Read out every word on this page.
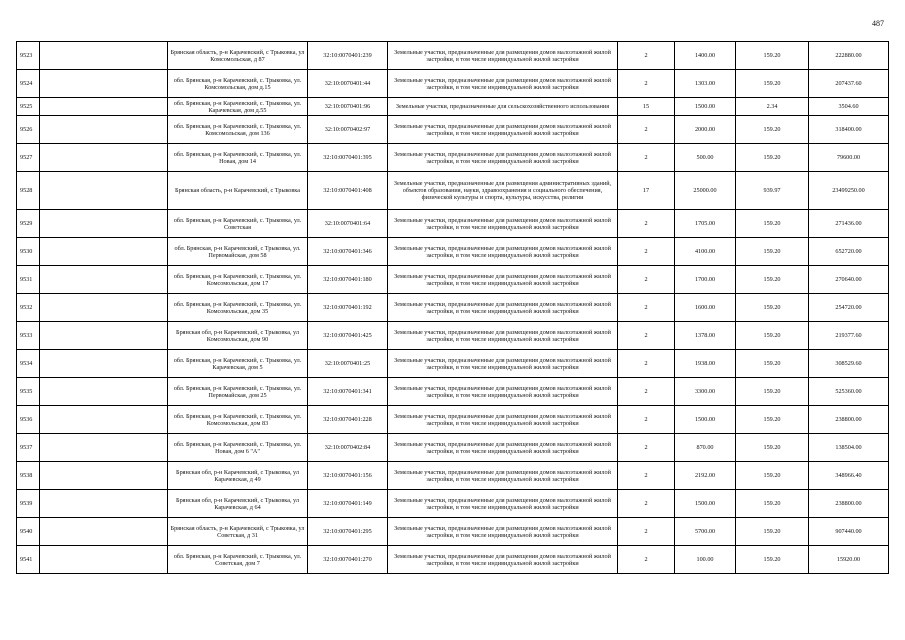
487
9523		Брянская область, р-н Карачевский, с Трыковка, ул Комсомольская, д 87	32:10:0070401:239	Земельные участки, предназначенные для размещения домов малоэтажной жилой застройки, в том числе индивидуальной жилой застройки	2	1400.00	159.20	222880.00
9524		обл. Брянская, р-н Карачевский, с. Трыковка, ул. Комсомольская, дом д.15	32:10:0070401:44	Земельные участки, предназначенные для размещения домов малоэтажной жилой застройки, в том числе индивидуальной жилой застройки	2	1303.00	159.20	207437.60
9525		обл. Брянская, р-н Карачевский, с. Трыковка, ул. Карачевская, дом д.55	32:10:0070401:96	Земельные участки, предназначенные для сельскохозяйственного использования	15	1500.00	2.34	3504.60
9526		обл. Брянская, р-н Карачевский, с. Трыковка, ул. Комсомольская, дом 136	32:10:0070402:97	Земельные участки, предназначенные для размещения домов малоэтажной жилой застройки, в том числе индивидуальной жилой застройки	2	2000.00	159.20	318400.00
9527		обл. Брянская, р-н Карачевский, с. Трыковка, ул. Новая, дом 14	32:10:0070401:395	Земельные участки, предназначенные для размещения домов малоэтажной жилой застройки, в том числе индивидуальной жилой застройки	2	500.00	159.20	79600.00
9528		Брянская область, р-н Карачевский, с Трыковка	32:10:0070401:408	Земельные участки, предназначенные для размещения административных зданий, объектов образования, науки, здравоохранения и социального обеспечения, физической культуры и спорта, культуры, искусства, религии	17	25000.00	939.97	23499250.00
9529		обл. Брянская, р-н Карачевский, с. Трыковка, ул. Советская	32:10:0070401:64	Земельные участки, предназначенные для размещения домов малоэтажной жилой застройки, в том числе индивидуальной жилой застройки	2	1705.00	159.20	271436.00
9530		обл. Брянская, р-н Карачевский, с Трыковка, ул. Первомайская, дом 58	32:10:0070401:346	Земельные участки, предназначенные для размещения домов малоэтажной жилой застройки, в том числе индивидуальной жилой застройки	2	4100.00	159.20	652720.00
9531		обл. Брянская, р-н Карачевский, с. Трыковка, ул. Комсомольская, дом 17	32:10:0070401:180	Земельные участки, предназначенные для размещения домов малоэтажной жилой застройки, в том числе индивидуальной жилой застройки	2	1700.00	159.20	270640.00
9532		обл. Брянская, р-н Карачевский, с. Трыковка, ул. Комсомольская, дом 35	32:10:0070401:192	Земельные участки, предназначенные для размещения домов малоэтажной жилой застройки, в том числе индивидуальной жилой застройки	2	1600.00	159.20	254720.00
9533		Брянская обл, р-н Карачевский, с Трыковка, ул Комсомольская, дом 90	32:10:0070401:425	Земельные участки, предназначенные для размещения домов малоэтажной жилой застройки, в том числе индивидуальной жилой застройки	2	1378.00	159.20	219377.60
9534		обл. Брянская, р-н Карачевский, с. Трыковка, ул. Карачевская, дом 5	32:10:0070401:25	Земельные участки, предназначенные для размещения домов малоэтажной жилой застройки, в том числе индивидуальной жилой застройки	2	1938.00	159.20	308529.60
9535		обл. Брянская, р-н Карачевский, с. Трыковка, ул. Первомайская, дом 25	32:10:0070401:341	Земельные участки, предназначенные для размещения домов малоэтажной жилой застройки, в том числе индивидуальной жилой застройки	2	3300.00	159.20	525360.00
9536		обл. Брянская, р-н Карачевский, с. Трыковка, ул. Комсомольская, дом 83	32:10:0070401:228	Земельные участки, предназначенные для размещения домов малоэтажной жилой застройки, в том числе индивидуальной жилой застройки	2	1500.00	159.20	238800.00
9537		обл. Брянская, р-н Карачевский, с. Трыковка, ул. Новая, дом 6 "А"	32:10:0070402:84	Земельные участки, предназначенные для размещения домов малоэтажной жилой застройки, в том числе индивидуальной жилой застройки	2	870.00	159.20	138504.00
9538		Брянская обл, р-н Карачевский, с Трыковка, ул Карачевская, д 49	32:10:0070401:156	Земельные участки, предназначенные для размещения домов малоэтажной жилой застройки, в том числе индивидуальной жилой застройки	2	2192.00	159.20	348966.40
9539		Брянская обл, р-н Карачевский, с Трыковка, ул Карачевская, д 64	32:10:0070401:149	Земельные участки, предназначенные для размещения домов малоэтажной жилой застройки, в том числе индивидуальной жилой застройки	2	1500.00	159.20	238800.00
9540		Брянская область, р-н Карачевский, с Трыковка, ул Советская, д 31	32:10:0070401:295	Земельные участки, предназначенные для размещения домов малоэтажной жилой застройки, в том числе индивидуальной жилой застройки	2	5700.00	159.20	907440.00
9541		обл. Брянская, р-н Карачевский, с. Трыковка, ул. Советская, дом 7	32:10:0070401:270	Земельные участки, предназначенные для размещения домов малоэтажной жилой застройки, в том числе индивидуальной жилой застройки	2	100.00	159.20	15920.00
